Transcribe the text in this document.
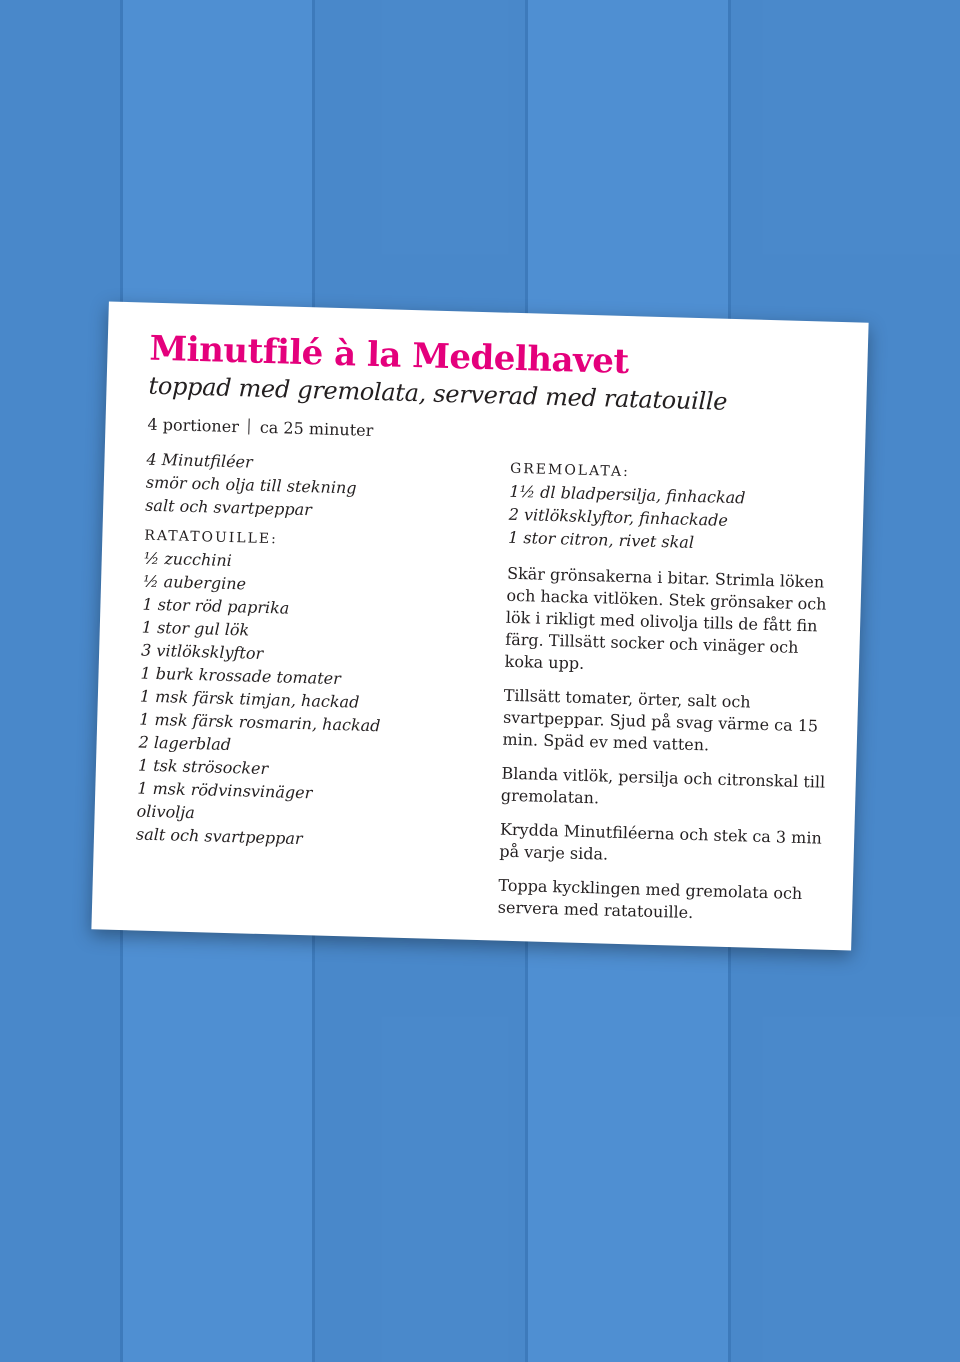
Minutfilé à la Medelhavet
toppad med gremolata, serverad med ratatouille
4 portioner ca 25 minuter
4 Minutfiléer
smör och olja till stekning
salt och svartpeppar
RATATOUILLE:
½ zucchini
½ aubergine
1 stor röd paprika
1 stor gul lök
3 vitlöksklyftor
1 burk krossade tomater
1 msk färsk timjan, hackad
1 msk färsk rosmarin, hackad
2 lagerblad
1 tsk strösocker
1 msk rödvinsvinäger
olivolja
salt och svartpeppar
GREMOLATA:
1½ dl bladpersilja, finhackad
2 vitlöksklyftor, finhackade
1 stor citron, rivet skal

Skär grönsakerna i bitar. Strimla löken och hacka vitlöken. Stek grönsaker och lök i rikligt med olivolja tills de fått fin färg. Tillsätt socker och vinäger och koka upp.

Tillsätt tomater, örter, salt och svartpeppar. Sjud på svag värme ca 15 min. Späd ev med vatten.

Blanda vitlök, persilja och citronskal till gremolatan.

Krydda Minutfiléerna och stek ca 3 min på varje sida.

Toppa kycklingen med gremolata och servera med ratatouille.
